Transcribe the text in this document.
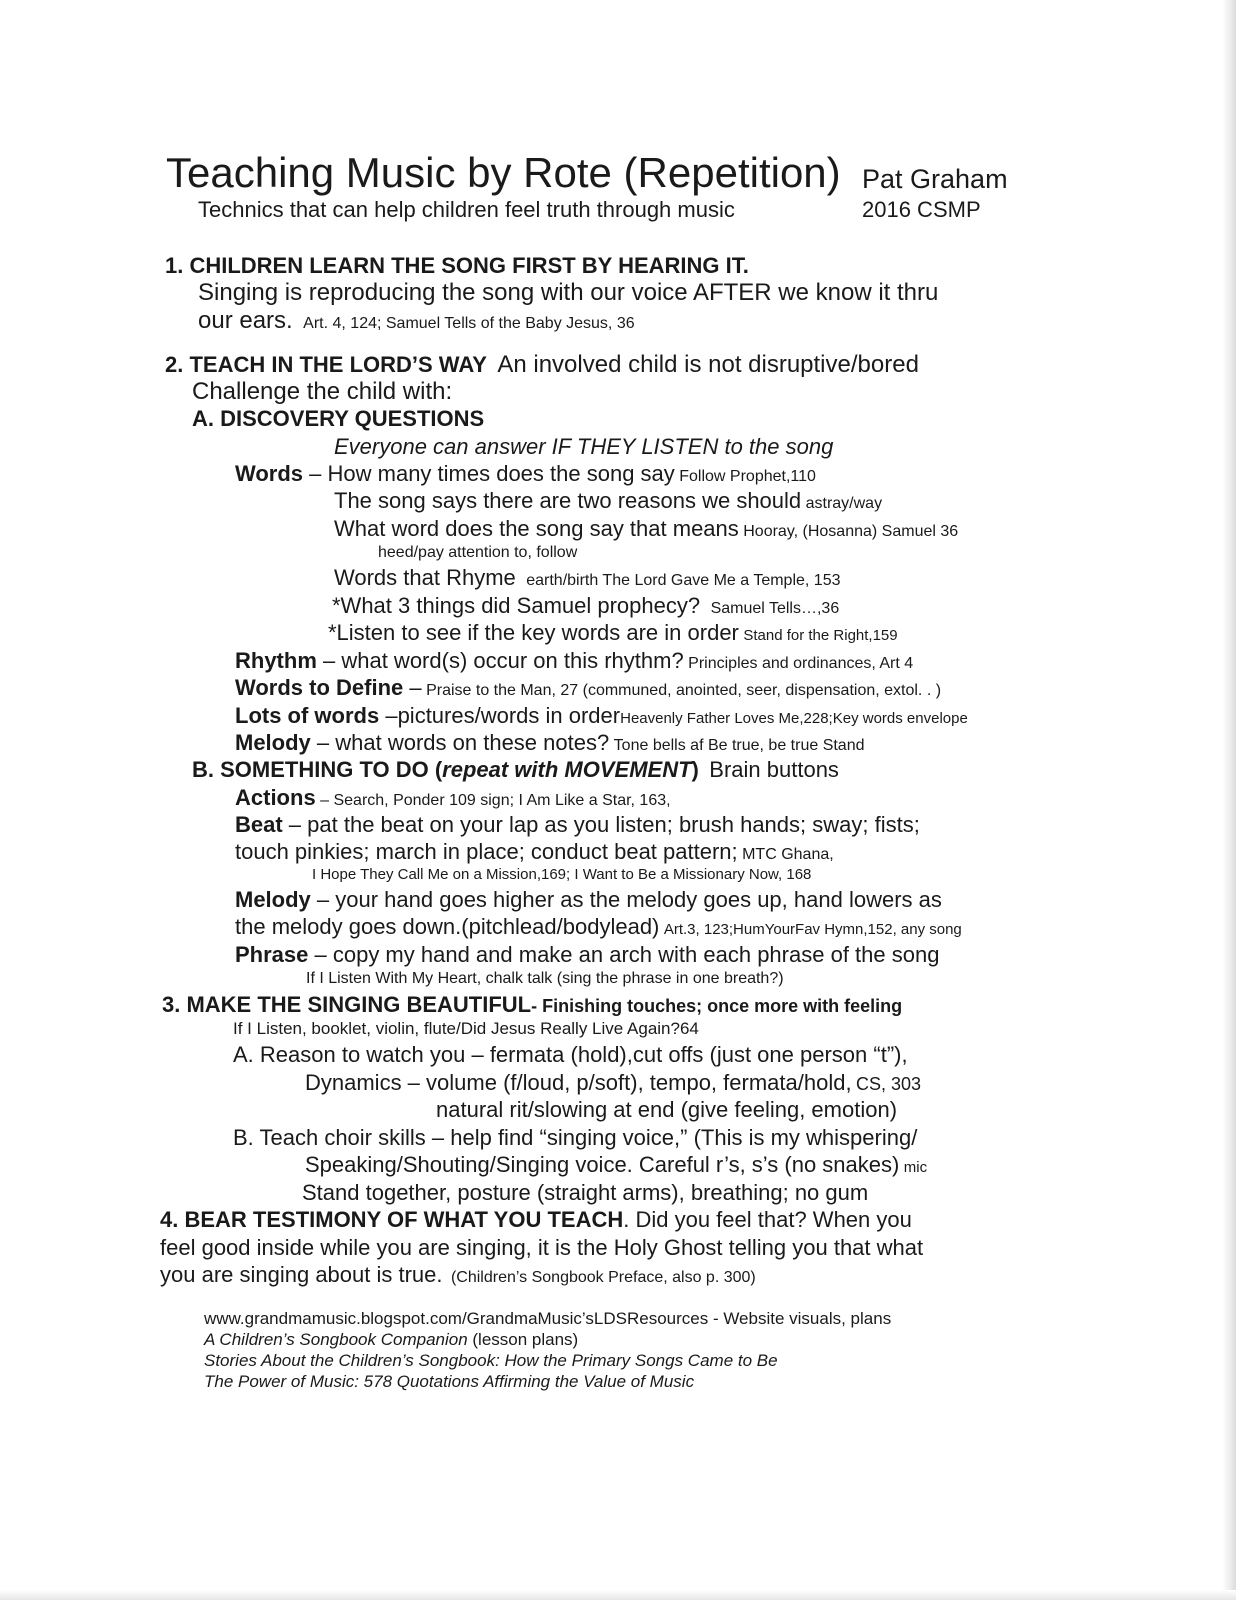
Teaching Music by Rote (Repetition) Pat Graham
Technics that can help children feel truth through music	2016 CSMP
1. CHILDREN LEARN THE SONG FIRST BY HEARING IT.
Singing is reproducing the song with our voice AFTER we know it thru
our ears. Art. 4, 124; Samuel Tells of the Baby Jesus, 36
2. TEACH IN THE LORD’S WAY An involved child is not disruptive/bored
Challenge the child with:
A. DISCOVERY QUESTIONS
Everyone can answer IF THEY LISTEN to the song
Words – How many times does the song say Follow Prophet,110
The song says there are two reasons we should astray/way
What word does the song say that means Hooray, (Hosanna) Samuel 36
heed/pay attention to, follow
Words that Rhyme earth/birth The Lord Gave Me a Temple, 153
*What 3 things did Samuel prophecy? Samuel Tells…,36
*Listen to see if the key words are in order Stand for the Right,159
Rhythm – what word(s) occur on this rhythm? Principles and ordinances, Art 4
Words to Define – Praise to the Man, 27 (communed, anointed, seer, dispensation, extol. . )
Lots of words –pictures/words in orderHeavenly Father Loves Me,228;Key words envelope
Melody – what words on these notes? Tone bells af Be true, be true Stand
B. SOMETHING TO DO (repeat with MOVEMENT) Brain buttons
Actions – Search, Ponder 109 sign; I Am Like a Star, 163,
Beat – pat the beat on your lap as you listen; brush hands; sway; fists;
touch pinkies; march in place; conduct beat pattern; MTC Ghana,
I Hope They Call Me on a Mission,169; I Want to Be a Missionary Now, 168
Melody – your hand goes higher as the melody goes up, hand lowers as
the melody goes down.(pitchlead/bodylead) Art.3, 123;HumYourFav Hymn,152, any song
Phrase – copy my hand and make an arch with each phrase of the song
If I Listen With My Heart, chalk talk (sing the phrase in one breath?)
3. MAKE THE SINGING BEAUTIFUL- Finishing touches; once more with feeling
If I Listen, booklet, violin, flute/Did Jesus Really Live Again?64
A. Reason to watch you – fermata (hold),cut offs (just one person “t”),
Dynamics – volume (f/loud, p/soft), tempo, fermata/hold, CS, 303
natural rit/slowing at end (give feeling, emotion)
B. Teach choir skills – help find “singing voice,” (This is my whispering/
Speaking/Shouting/Singing voice. Careful r’s, s’s (no snakes) mic
Stand together, posture (straight arms), breathing; no gum
4. BEAR TESTIMONY OF WHAT YOU TEACH. Did you feel that? When you
feel good inside while you are singing, it is the Holy Ghost telling you that what
you are singing about is true. (Children’s Songbook Preface, also p. 300)
www.grandmamusic.blogspot.com/GrandmaMusic’sLDSResources - Website visuals, plans
A Children’s Songbook Companion (lesson plans)
Stories About the Children’s Songbook: How the Primary Songs Came to Be
The Power of Music: 578 Quotations Affirming the Value of Music
